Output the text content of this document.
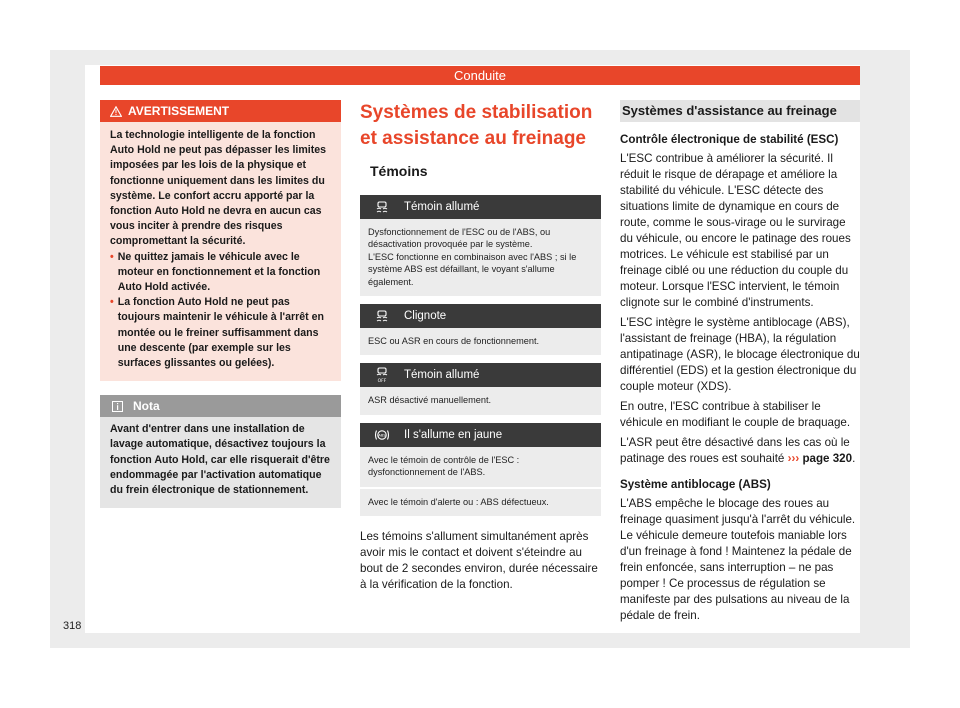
Conduite
AVERTISSEMENT

La technologie intelligente de la fonction Auto Hold ne peut pas dépasser les limites imposées par les lois de la physique et fonctionne uniquement dans les limites du système. Le confort accru apporté par la fonction Auto Hold ne devra en aucun cas vous inciter à prendre des risques compromettant la sécurité.

• Ne quittez jamais le véhicule avec le moteur en fonctionnement et la fonction Auto Hold activée.
• La fonction Auto Hold ne peut pas toujours maintenir le véhicule à l'arrêt en montée ou le freiner suffisamment dans une descente (par exemple sur les surfaces glissantes ou gelées).
Nota
Avant d'entrer dans une installation de lavage automatique, désactivez toujours la fonction Auto Hold, car elle risquerait d'être endommagée par l'activation automatique du frein électronique de stationnement.
Systèmes de stabilisation et assistance au freinage
Témoins
Témoin allumé
Dysfonctionnement de l'ESC ou de l'ABS, ou désactivation provoquée par le système.
L'ESC fonctionne en combinaison avec l'ABS ; si le système ABS est défaillant, le voyant s'allume également.
Clignote
ESC ou ASR en cours de fonctionnement.
OFF
Témoin allumé
ASR désactivé manuellement.
ABS Il s'allume en jaune
Avec le témoin de contrôle de l'ESC : dysfonctionnement de l'ABS.
Avec le témoin d'alerte ou : ABS défectueux.
Les témoins s'allument simultanément après avoir mis le contact et doivent s'éteindre au bout de 2 secondes environ, durée nécessaire à la vérification de la fonction.
Systèmes d'assistance au freinage
Contrôle électronique de stabilité (ESC)

L'ESC contribue à améliorer la sécurité. Il réduit le risque de dérapage et améliore la stabilité du véhicule. L'ESC détecte des situations limite de dynamique en cours de route, comme le sous-virage ou le survirage du véhicule, ou encore le patinage des roues motrices. Le véhicule est stabilisé par un freinage ciblé ou une réduction du couple du moteur. Lorsque l'ESC intervient, le témoin clignote sur le combiné d'instruments.

L'ESC intègre le système antiblocage (ABS), l'assistant de freinage (HBA), la régulation antipatinage (ASR), le blocage électronique du différentiel (EDS) et la gestion électronique du couple moteur (XDS).

En outre, l'ESC contribue à stabiliser le véhicule en modifiant le couple de braquage.

L'ASR peut être désactivé dans les cas où le patinage des roues est souhaité ››› page 320.

Système antiblocage (ABS)

L'ABS empêche le blocage des roues au freinage quasiment jusqu'à l'arrêt du véhicule. Le véhicule demeure toutefois maniable lors d'un freinage à fond ! Maintenez la pédale de frein enfoncée, sans interruption – ne pas pomper ! Ce processus de régulation se manifeste par des pulsations au niveau de la pédale de frein.

318
